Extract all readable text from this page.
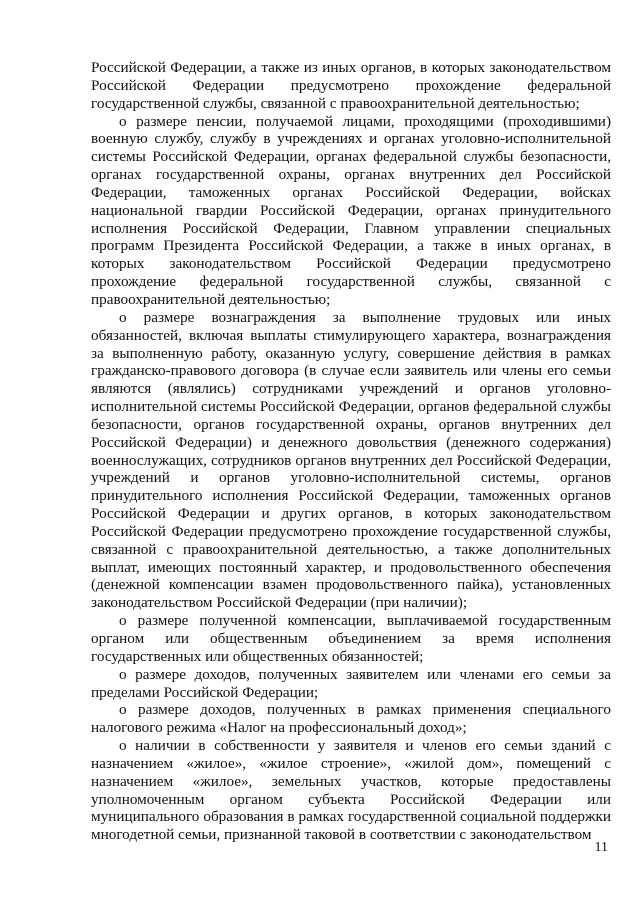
Российской Федерации, а также из иных органов, в которых законодательством Российской Федерации предусмотрено прохождение федеральной государственной службы, связанной с правоохранительной деятельностью;

о размере пенсии, получаемой лицами, проходящими (проходившими) военную службу, службу в учреждениях и органах уголовно-исполнительной системы Российской Федерации, органах федеральной службы безопасности, органах государственной охраны, органах внутренних дел Российской Федерации, таможенных органах Российской Федерации, войсках национальной гвардии Российской Федерации, органах принудительного исполнения Российской Федерации, Главном управлении специальных программ Президента Российской Федерации, а также в иных органах, в которых законодательством Российской Федерации предусмотрено прохождение федеральной государственной службы, связанной с правоохранительной деятельностью;

о размере вознаграждения за выполнение трудовых или иных обязанностей, включая выплаты стимулирующего характера, вознаграждения за выполненную работу, оказанную услугу, совершение действия в рамках гражданско-правового договора (в случае если заявитель или члены его семьи являются (являлись) сотрудниками учреждений и органов уголовно-исполнительной системы Российской Федерации, органов федеральной службы безопасности, органов государственной охраны, органов внутренних дел Российской Федерации) и денежного довольствия (денежного содержания) военнослужащих, сотрудников органов внутренних дел Российской Федерации, учреждений и органов уголовно-исполнительной системы, органов принудительного исполнения Российской Федерации, таможенных органов Российской Федерации и других органов, в которых законодательством Российской Федерации предусмотрено прохождение государственной службы, связанной с правоохранительной деятельностью, а также дополнительных выплат, имеющих постоянный характер, и продовольственного обеспечения (денежной компенсации взамен продовольственного пайка), установленных законодательством Российской Федерации (при наличии);

о размере полученной компенсации, выплачиваемой государственным органом или общественным объединением за время исполнения государственных или общественных обязанностей;

о размере доходов, полученных заявителем или членами его семьи за пределами Российской Федерации;

о размере доходов, полученных в рамках применения специального налогового режима «Налог на профессиональный доход»;

о наличии в собственности у заявителя и членов его семьи зданий с назначением «жилое», «жилое строение», «жилой дом», помещений с назначением «жилое», земельных участков, которые предоставлены уполномоченным органом субъекта Российской Федерации или муниципального образования в рамках государственной социальной поддержки многодетной семьи, признанной таковой в соответствии с законодательством

11
